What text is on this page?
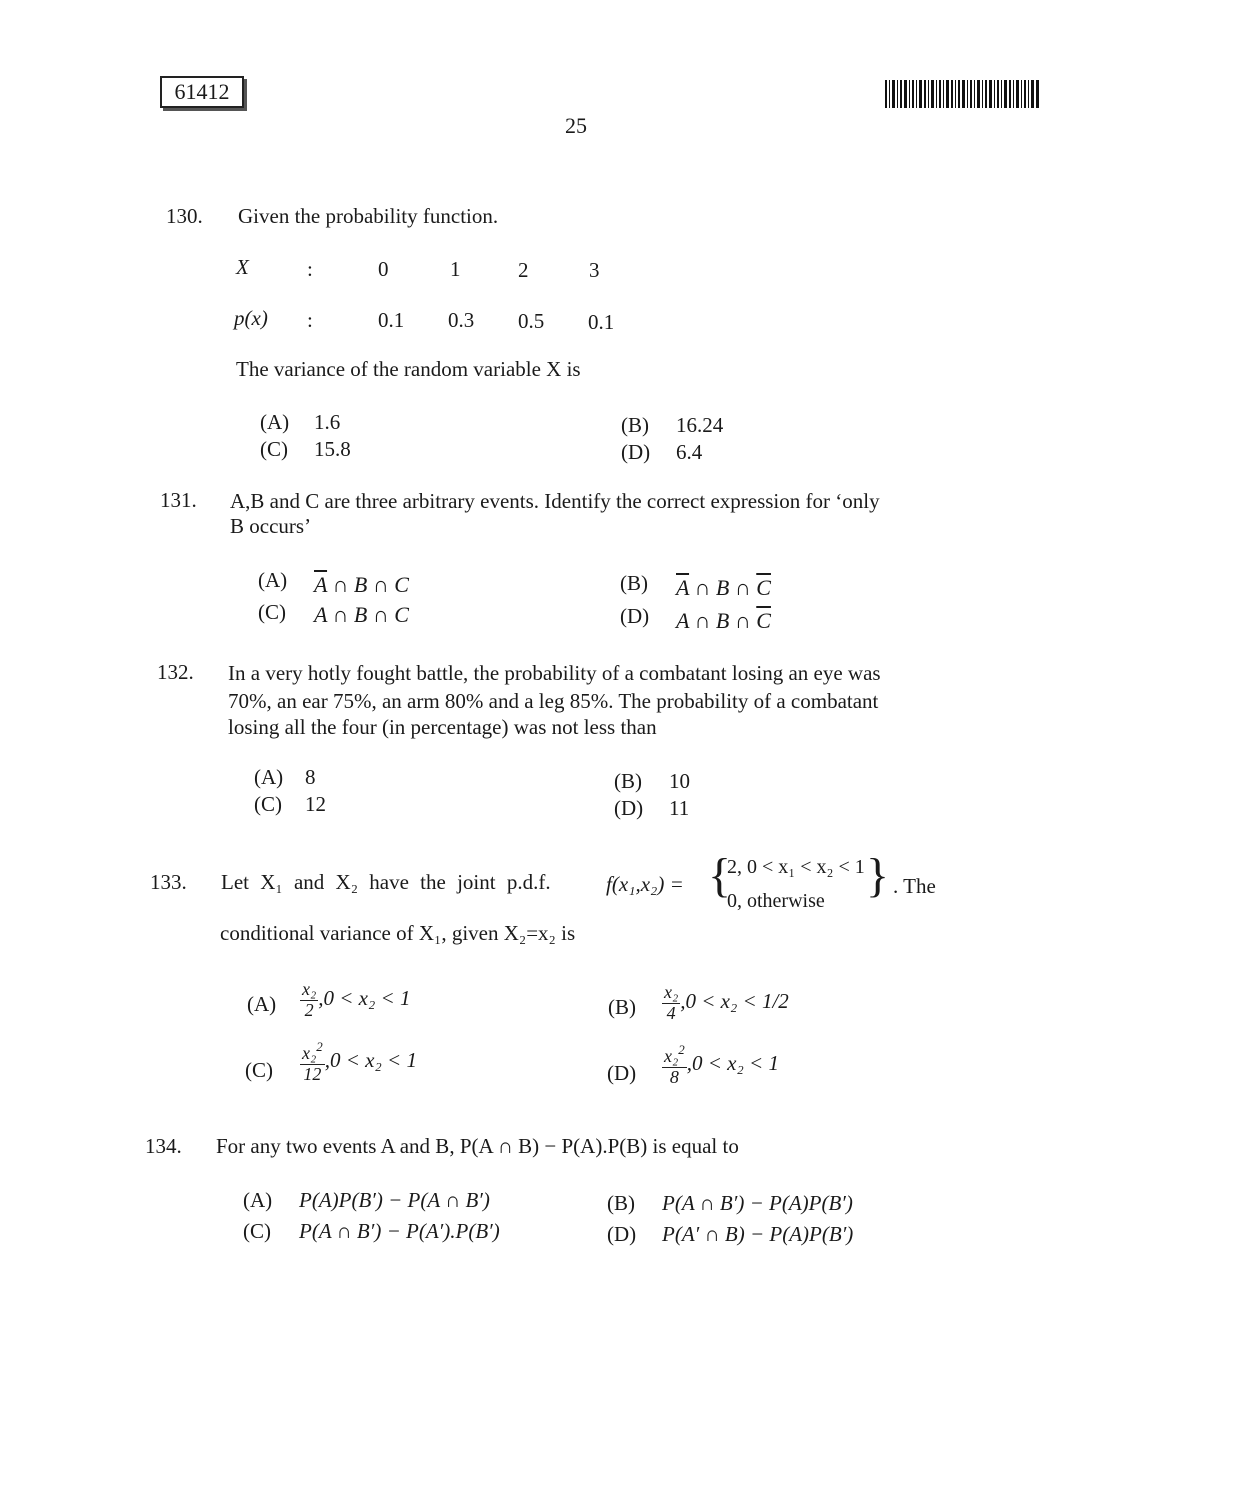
61412
25
130. Given the probability function.
X	:	0	1	2	3
p(x) :	0.1 0.3 0.5 0.1
The variance of the random variable X is
(A) 1.6	(B) 16.24
(C) 15.8	(D) 6.4
131. A,B and C are three arbitrary events. Identify the correct expression for ‘only
B occurs’
(A) $\overline{A}$ ∩ B ∩ C	(B) $\overline{A}$ ∩ B ∩ $\overline{C}$
(C) A ∩ B ∩ C	(D) A ∩ B ∩ $\overline{C}$
132. In a very hotly fought battle, the probability of a combatant losing an eye was
70%, an ear 75%, an arm 80% and a leg 85%. The probability of a combatant
losing all the four (in percentage) was not less than
(A) 8	(B) 10
(C) 12	(D) 11
133. Let X₁ and X₂ have the joint p.d.f.	f(x₁,x₂) = {
2, 0 < x₁ < x₂ < 1
0, otherwise } . The
conditional variance of X₁, given X₂=x₂ is
$(A) \frac{\text{x₂}}{2} ,0 < x_2 < 1$	$(B) \frac{\text{x₂}}{4} ,0 < x_2 < 1/2$
$(C) \frac{x_2^2}{12} ,0 < x_2 < 1$
$(D) \frac{x_2^2}{8} ,0 < x_2 < 1$
134. For any two events A and B, P(A ∩ B) − P(A).P(B) is equal to
(A) P(A)P(B′) − P(A ∩ B′)	(B) P(A ∩ B′) − P(A)P(B′)
(C) P(A ∩ B′) − P(A′).P(B′)	(D) P(A′ ∩ B) − P(A)P(B′)
